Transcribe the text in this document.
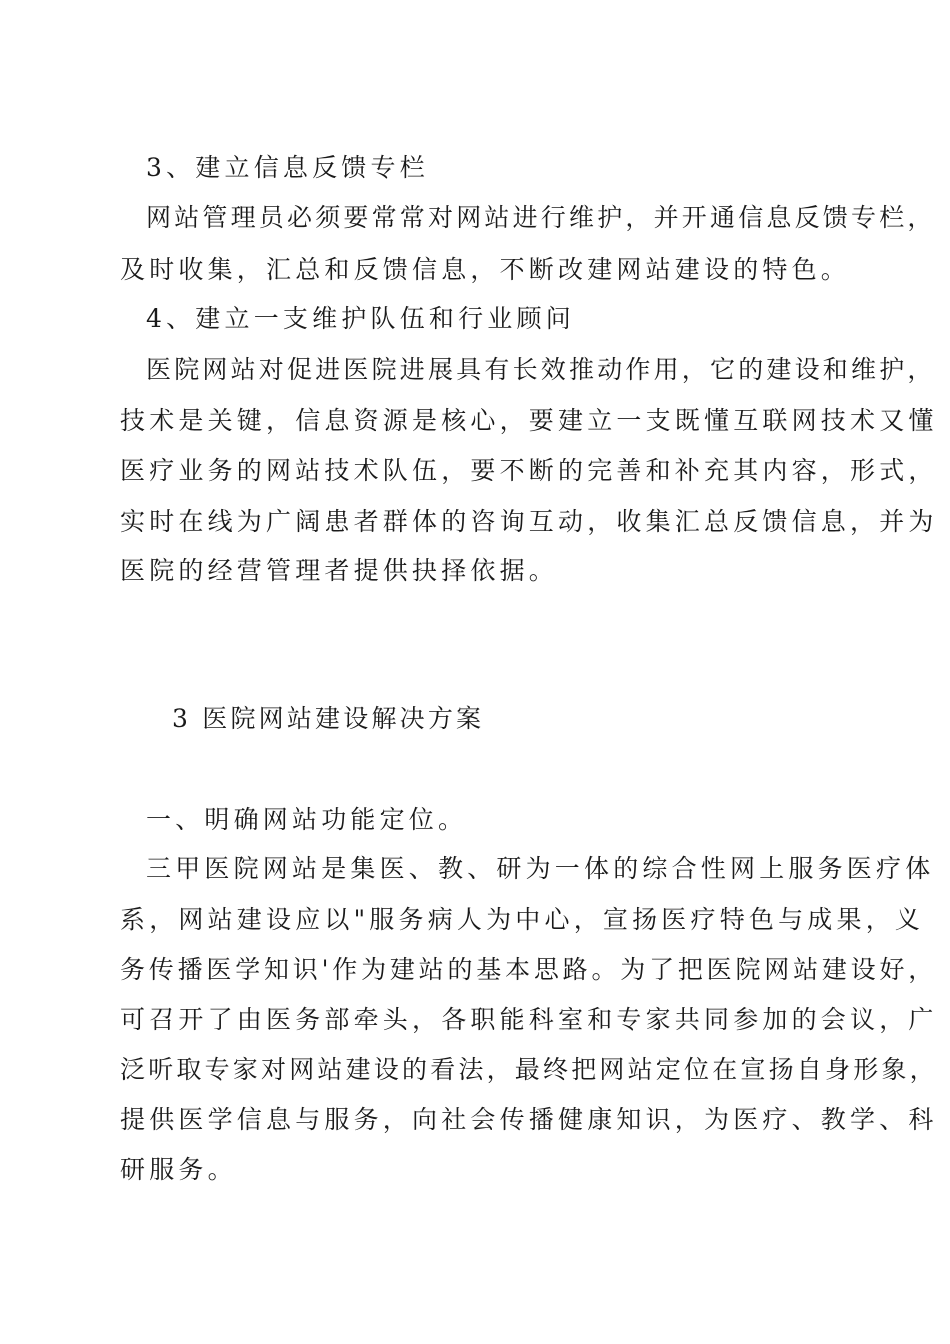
3、建立信息反馈专栏
网站管理员必须要常常对网站进行维护，并开通信息反馈专栏，
及时收集，汇总和反馈信息，不断改建网站建设的特色。
4、建立一支维护队伍和行业顾问
医院网站对促进医院进展具有长效推动作用，它的建设和维护，
技术是关键，信息资源是核心，要建立一支既懂互联网技术又懂
医疗业务的网站技术队伍，要不断的完善和补充其内容，形式，
实时在线为广阔患者群体的咨询互动，收集汇总反馈信息，并为
医院的经营管理者提供抉择依据。
3 医院网站建设解决方案
一、明确网站功能定位。
三甲医院网站是集医、教、研为一体的综合性网上服务医疗体
系，网站建设应以"服务病人为中心，宣扬医疗特色与成果，义
务传播医学知识'作为建站的基本思路。为了把医院网站建设好，
可召开了由医务部牵头，各职能科室和专家共同参加的会议，广
泛听取专家对网站建设的看法，最终把网站定位在宣扬自身形象，
提供医学信息与服务，向社会传播健康知识，为医疗、教学、科
研服务。
